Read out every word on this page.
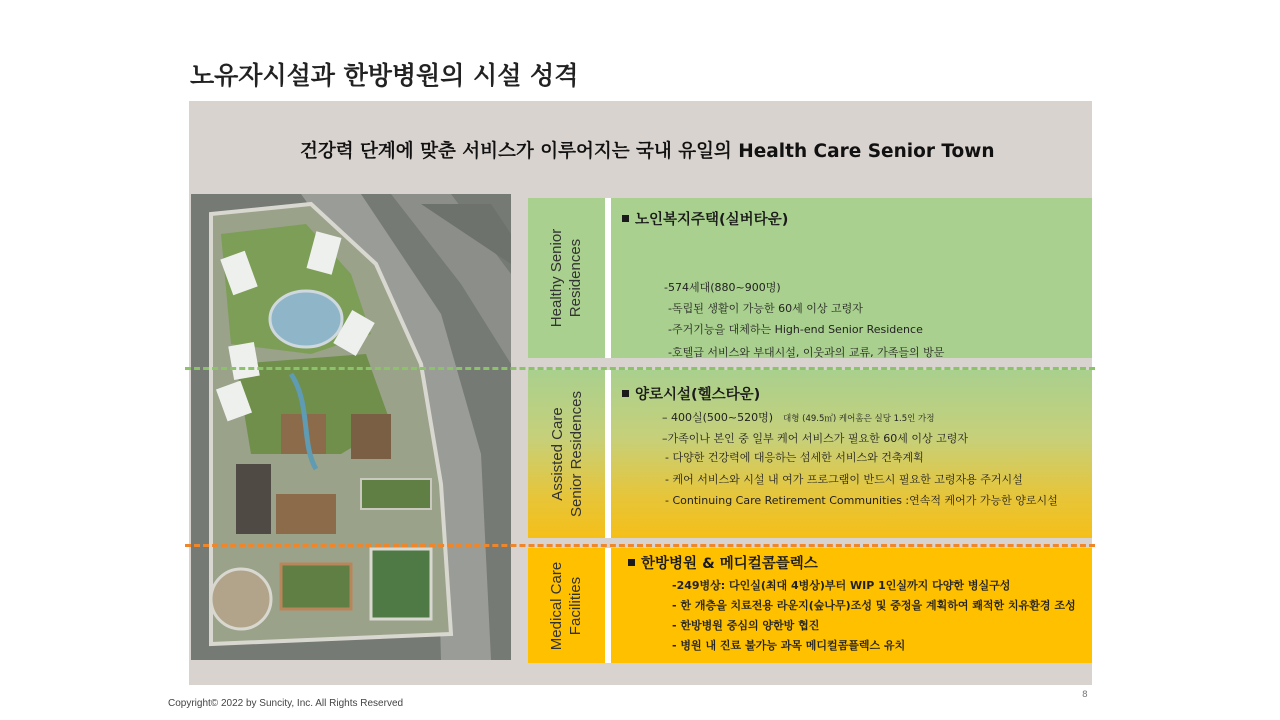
노유자시설과 한방병원의 시설 성격
건강력 단계에 맞춘 서비스가 이루어지는 국내 유일의 Health Care Senior Town
Healthy Senior Residences
노인복지주택(실버타운)
-574세대(880~900명)
-독립된 생활이 가능한 60세 이상 고령자
-주거기능을 대체하는 High-end Senior Residence
-호텔급 서비스와 부대시설, 이웃과의 교류, 가족들의 방문
Assisted Care Senior Residences	양로시설(헬스타운)
– 400실(500~520명) 대형 (49.5㎡) 케어홈은 실당 1.5인 가정
–가족이나 본인 중 일부 케어 서비스가 필요한 60세 이상 고령자
- 다양한 건강력에 대응하는 섬세한 서비스와 건축계획
- 케어 서비스와 시설 내 여가 프로그램이 반드시 필요한 고령자용 주거시설
- Continuing Care Retirement Communities :연속적 케어가 가능한 양로시설
Medical Care Facilities
한방병원 & 메디컬콤플렉스
-249병상: 다인실(최대 4병상)부터 WIP 1인실까지 다양한 병실구성
- 한 개층을 치료전용 라운지(숲나무)조성 및 중정을 계획하여 쾌적한 치유환경 조성
- 한방병원 중심의 양한방 협진
- 병원 내 진료 불가능 과목 메디컬콤플렉스 유치
8
Copyright© 2022 by Suncity, Inc. All Rights Reserved
